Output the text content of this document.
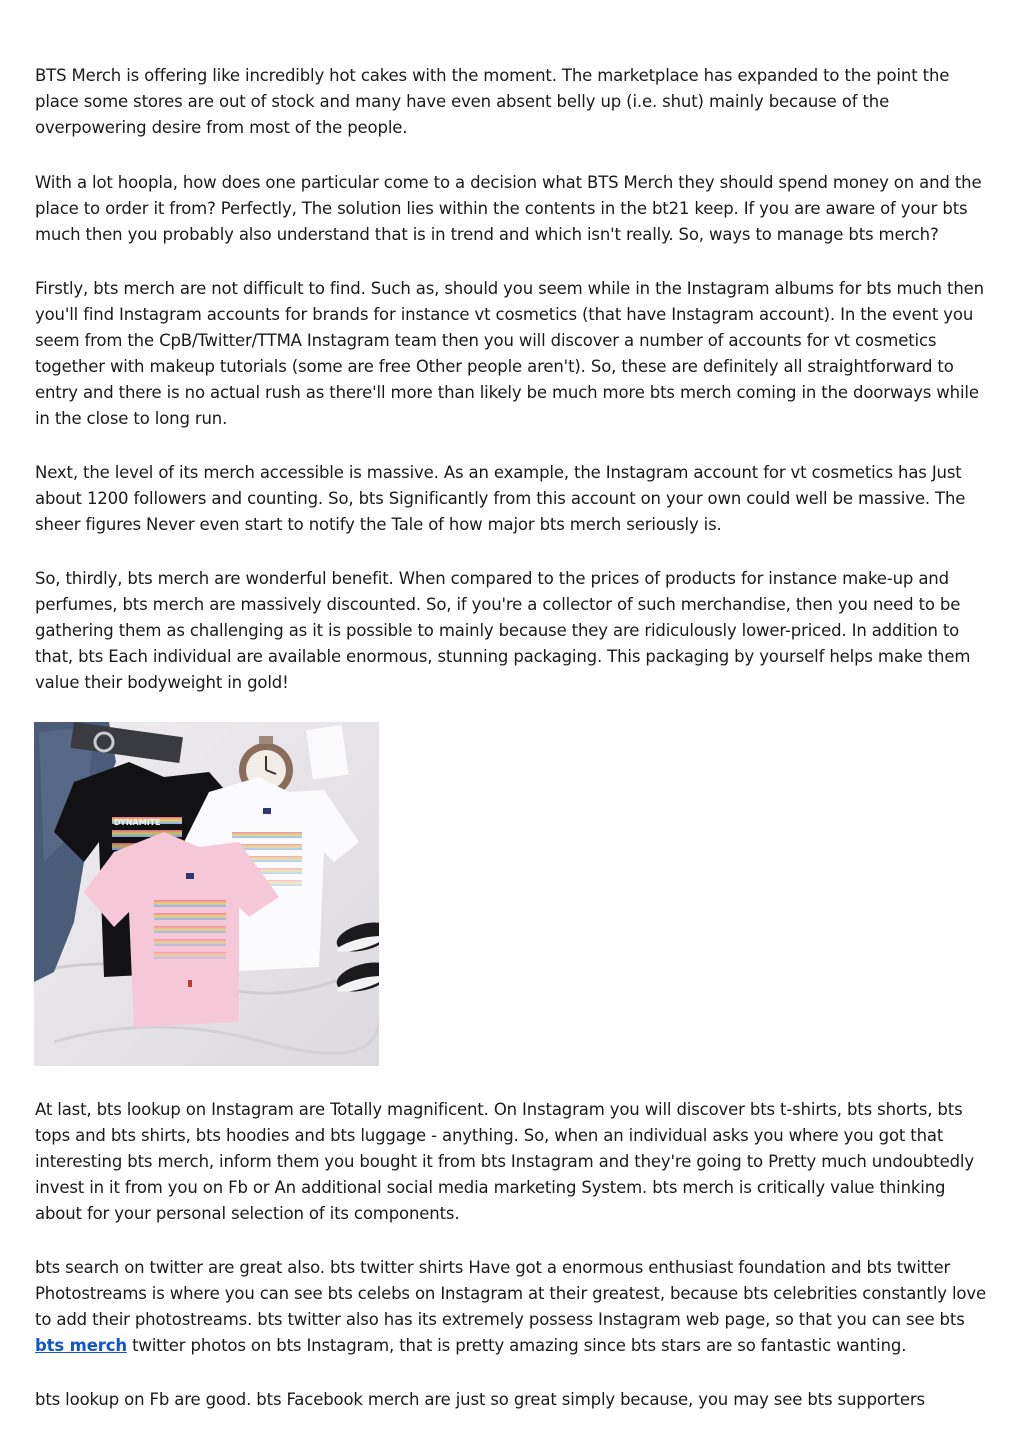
BTS Merch is offering like incredibly hot cakes with the moment. The marketplace has expanded to the point the place some stores are out of stock and many have even absent belly up (i.e. shut) mainly because of the overpowering desire from most of the people.

With a lot hoopla, how does one particular come to a decision what BTS Merch they should spend money on and the place to order it from? Perfectly, The solution lies within the contents in the bt21 keep. If you are aware of your bts much then you probably also understand that is in trend and which isn't really. So, ways to manage bts merch?

Firstly, bts merch are not difficult to find. Such as, should you seem while in the Instagram albums for bts much then you'll find Instagram accounts for brands for instance vt cosmetics (that have Instagram account). In the event you seem from the CpB/Twitter/TTMA Instagram team then you will discover a number of accounts for vt cosmetics together with makeup tutorials (some are free Other people aren't). So, these are definitely all straightforward to entry and there is no actual rush as there'll more than likely be much more bts merch coming in the doorways while in the close to long run.

Next, the level of its merch accessible is massive. As an example, the Instagram account for vt cosmetics has Just about 1200 followers and counting. So, bts Significantly from this account on your own could well be massive. The sheer figures Never even start to notify the Tale of how major bts merch seriously is.

So, thirdly, bts merch are wonderful benefit. When compared to the prices of products for instance make-up and perfumes, bts merch are massively discounted. So, if you're a collector of such merchandise, then you need to be gathering them as challenging as it is possible to mainly because they are ridiculously lower-priced. In addition to that, bts Each individual are available enormous, stunning packaging. This packaging by yourself helps make them value their bodyweight in gold!

DYNAMITE

At last, bts lookup on Instagram are Totally magnificent. On Instagram you will discover bts t-shirts, bts shorts, bts tops and bts shirts, bts hoodies and bts luggage - anything. So, when an individual asks you where you got that interesting bts merch, inform them you bought it from bts Instagram and they're going to Pretty much undoubtedly invest in it from you on Fb or An additional social media marketing System. bts merch is critically value thinking about for your personal selection of its components.

bts search on twitter are great also. bts twitter shirts Have got a enormous enthusiast foundation and bts twitter Photostreams is where you can see bts celebs on Instagram at their greatest, because bts celebrities constantly love to add their photostreams. bts twitter also has its extremely possess Instagram web page, so that you can see bts bts merch twitter photos on bts Instagram, that is pretty amazing since bts stars are so fantastic wanting.

bts lookup on Fb are good. bts Facebook merch are just so great simply because, you may see bts supporters
